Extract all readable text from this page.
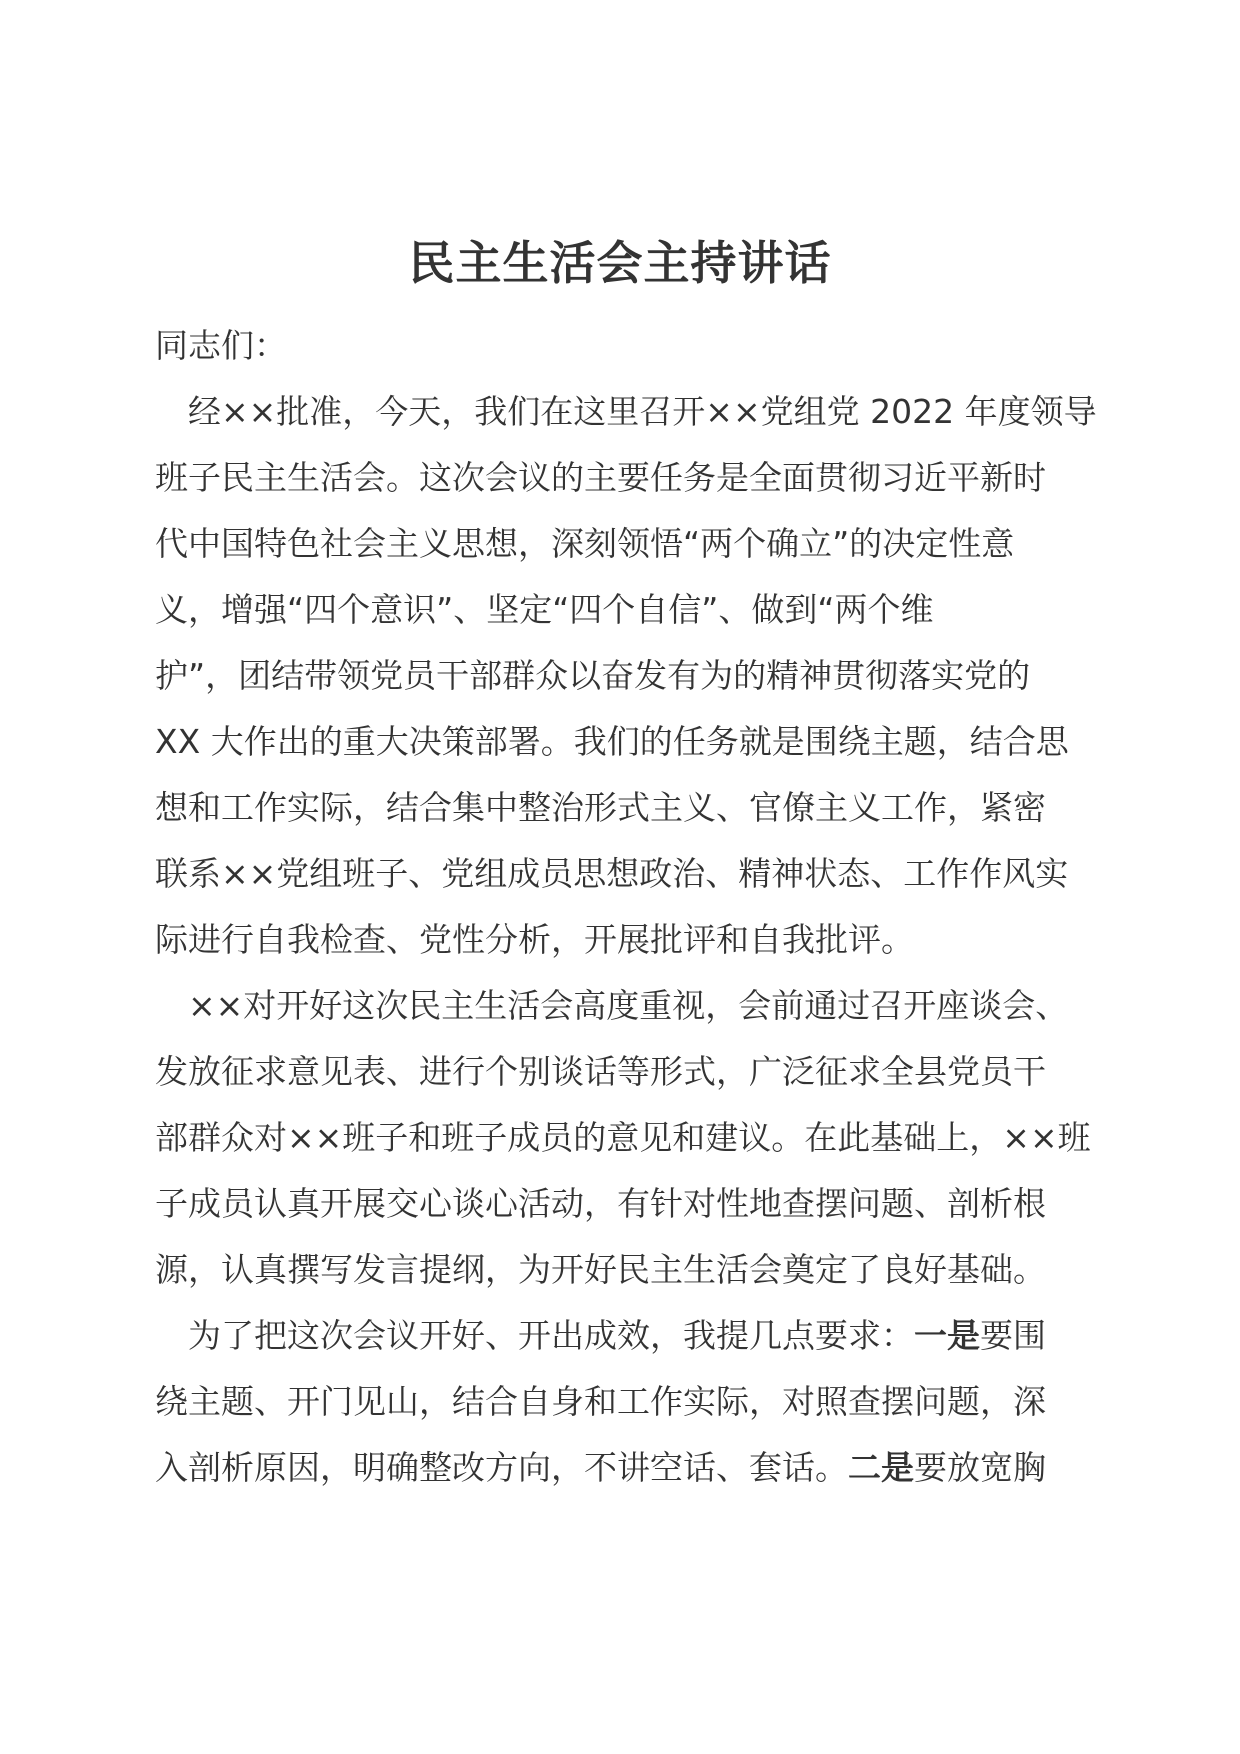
民主生活会主持讲话
同志们：
经××批准，今天，我们在这里召开××党组党 2022 年度领导
班子民主生活会。这次会议的主要任务是全面贯彻习近平新时
代中国特色社会主义思想，深刻领悟“两个确立”的决定性意
义，增强“四个意识”、坚定“四个自信”、做到“两个维
护”，团结带领党员干部群众以奋发有为的精神贯彻落实党的
XX 大作出的重大决策部署。我们的任务就是围绕主题，结合思
想和工作实际，结合集中整治形式主义、官僚主义工作，紧密
联系××党组班子、党组成员思想政治、精神状态、工作作风实
际进行自我检查、党性分析，开展批评和自我批评。
××对开好这次民主生活会高度重视，会前通过召开座谈会、
发放征求意见表、进行个别谈话等形式，广泛征求全县党员干
部群众对××班子和班子成员的意见和建议。在此基础上，××班
子成员认真开展交心谈心活动，有针对性地查摆问题、剖析根
源，认真撰写发言提纲，为开好民主生活会奠定了良好基础。
为了把这次会议开好、开出成效，我提几点要求：一是要围
绕主题、开门见山，结合自身和工作实际，对照查摆问题，深
入剖析原因，明确整改方向，不讲空话、套话。二是要放宽胸
